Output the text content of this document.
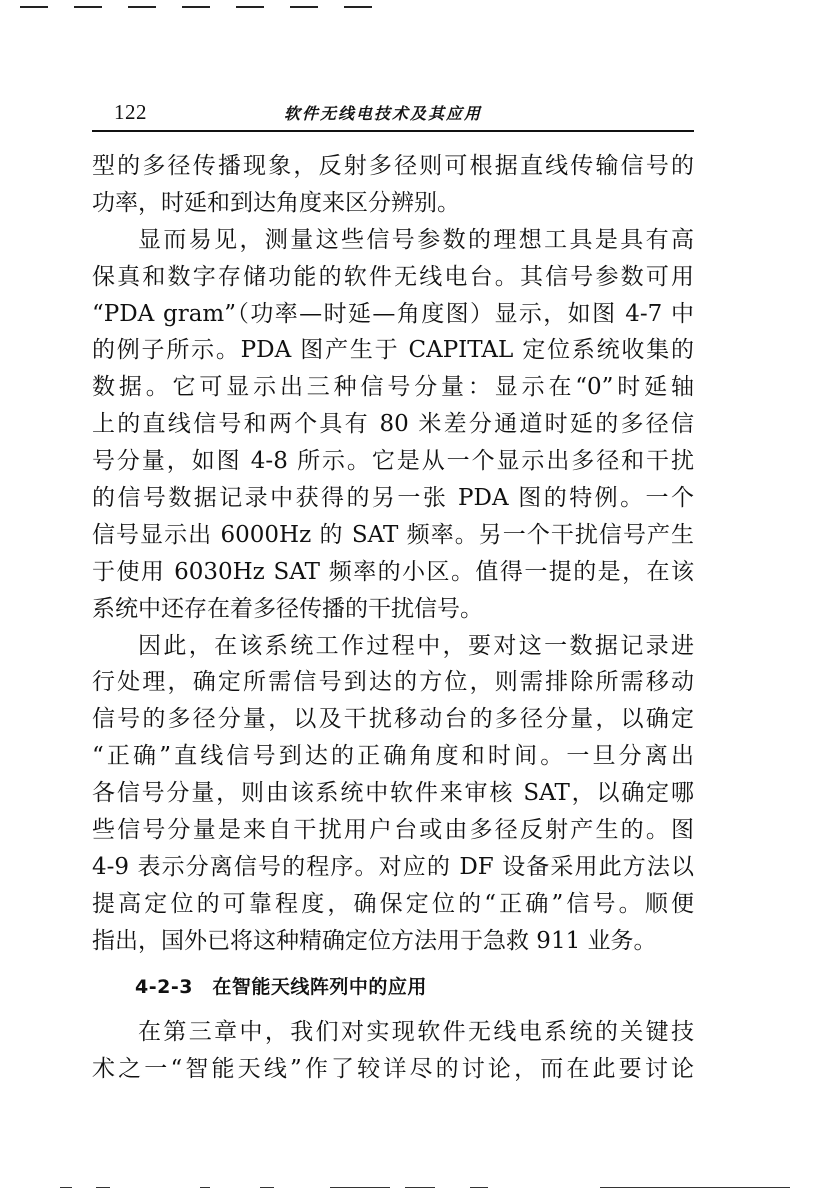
122	软件无线电技术及其应用
型的多径传播现象，反射多径则可根据直线传输信号的
功率，时延和到达角度来区分辨别。
显而易见，测量这些信号参数的理想工具是具有高
保真和数字存储功能的软件无线电台。其信号参数可用
“PDA gram”（功率—时延—角度图）显示，如图 4-7 中
的例子所示。PDA 图产生于 CAPITAL 定位系统收集的
数据。它可显示出三种信号分量：显示在“0”时延轴
上的直线信号和两个具有 80 米差分通道时延的多径信
号分量，如图 4-8 所示。它是从一个显示出多径和干扰
的信号数据记录中获得的另一张 PDA 图的特例。一个
信号显示出 6000Hz 的 SAT 频率。另一个干扰信号产生
于使用 6030Hz SAT 频率的小区。值得一提的是，在该
系统中还存在着多径传播的干扰信号。
因此，在该系统工作过程中，要对这一数据记录进
行处理，确定所需信号到达的方位，则需排除所需移动
信号的多径分量，以及干扰移动台的多径分量，以确定
“正确”直线信号到达的正确角度和时间。一旦分离出
各信号分量，则由该系统中软件来审核 SAT，以确定哪
些信号分量是来自干扰用户台或由多径反射产生的。图
4-9 表示分离信号的程序。对应的 DF 设备采用此方法以
提高定位的可靠程度，确保定位的“正确”信号。顺便
指出，国外已将这种精确定位方法用于急救 911 业务。
4-2-3　在智能天线阵列中的应用
在第三章中，我们对实现软件无线电系统的关键技
术之一“智能天线”作了较详尽的讨论，而在此要讨论
